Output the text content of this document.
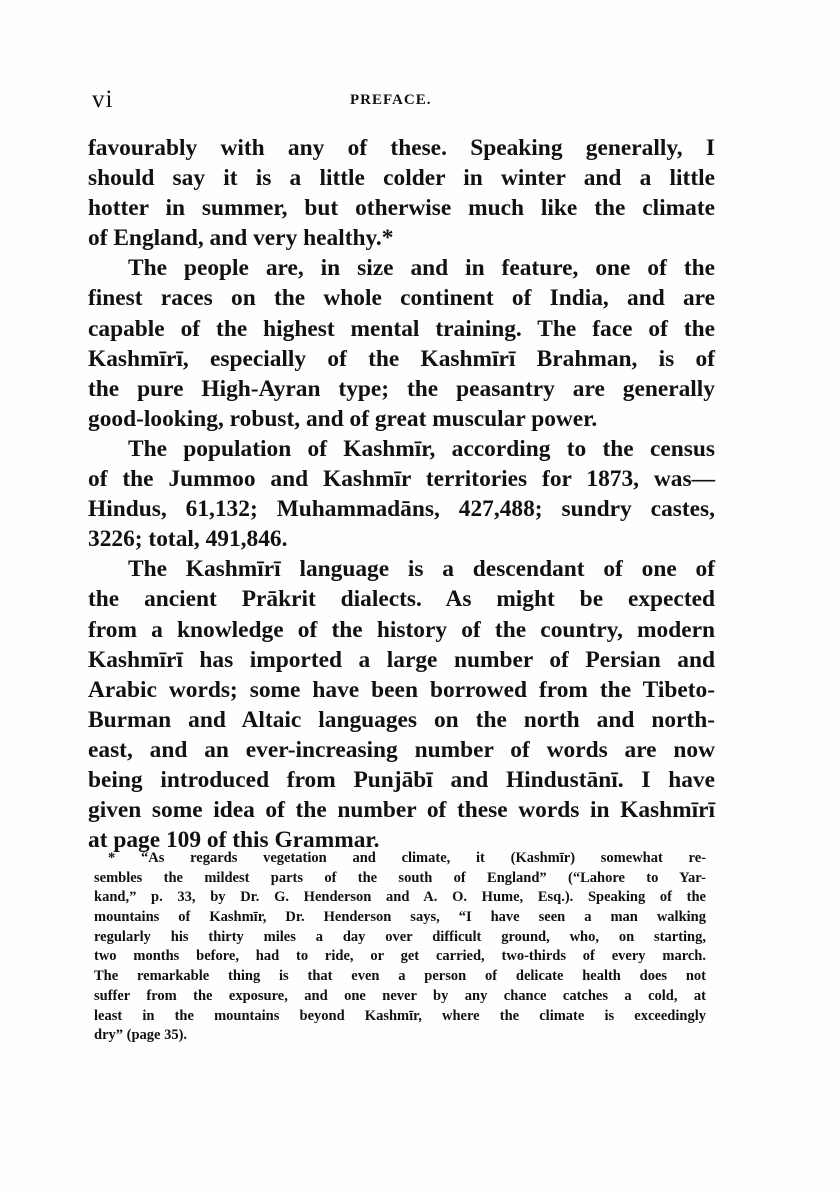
vi	PREFACE.
favourably with any of these. Speaking generally, I
should say it is a little colder in winter and a little
hotter in summer, but otherwise much like the climate
of England, and very healthy.*
The people are, in size and in feature, one of the
finest races on the whole continent of India, and are
capable of the highest mental training. The face of the
Kashmīrī, especially of the Kashmīrī Brahman, is of
the pure High-Ayran type; the peasantry are generally
good-looking, robust, and of great muscular power.
The population of Kashmīr, according to the census
of the Jummoo and Kashmīr territories for 1873, was—
Hindus, 61,132; Muhammadāns, 427,488; sundry castes,
3226; total, 491,846.
The Kashmīrī language is a descendant of one of
the ancient Prākrit dialects. As might be expected
from a knowledge of the history of the country, modern
Kashmīrī has imported a large number of Persian and
Arabic words; some have been borrowed from the Tibeto-
Burman and Altaic languages on the north and north-
east, and an ever-increasing number of words are now
being introduced from Punjābī and Hindustānī. I have
given some idea of the number of these words in Kashmīrī
at page 109 of this Grammar.
* “As regards vegetation and climate, it (Kashmīr) somewhat re-
sembles the mildest parts of the south of England” (“Lahore to Yar-
kand,” p. 33, by Dr. G. Henderson and A. O. Hume, Esq.). Speaking of the
mountains of Kashmīr, Dr. Henderson says, “I have seen a man walking
regularly his thirty miles a day over difficult ground, who, on starting,
two months before, had to ride, or get carried, two-thirds of every march.
The remarkable thing is that even a person of delicate health does not
suffer from the exposure, and one never by any chance catches a cold, at
least in the mountains beyond Kashmīr, where the climate is exceedingly
dry” (page 35).
